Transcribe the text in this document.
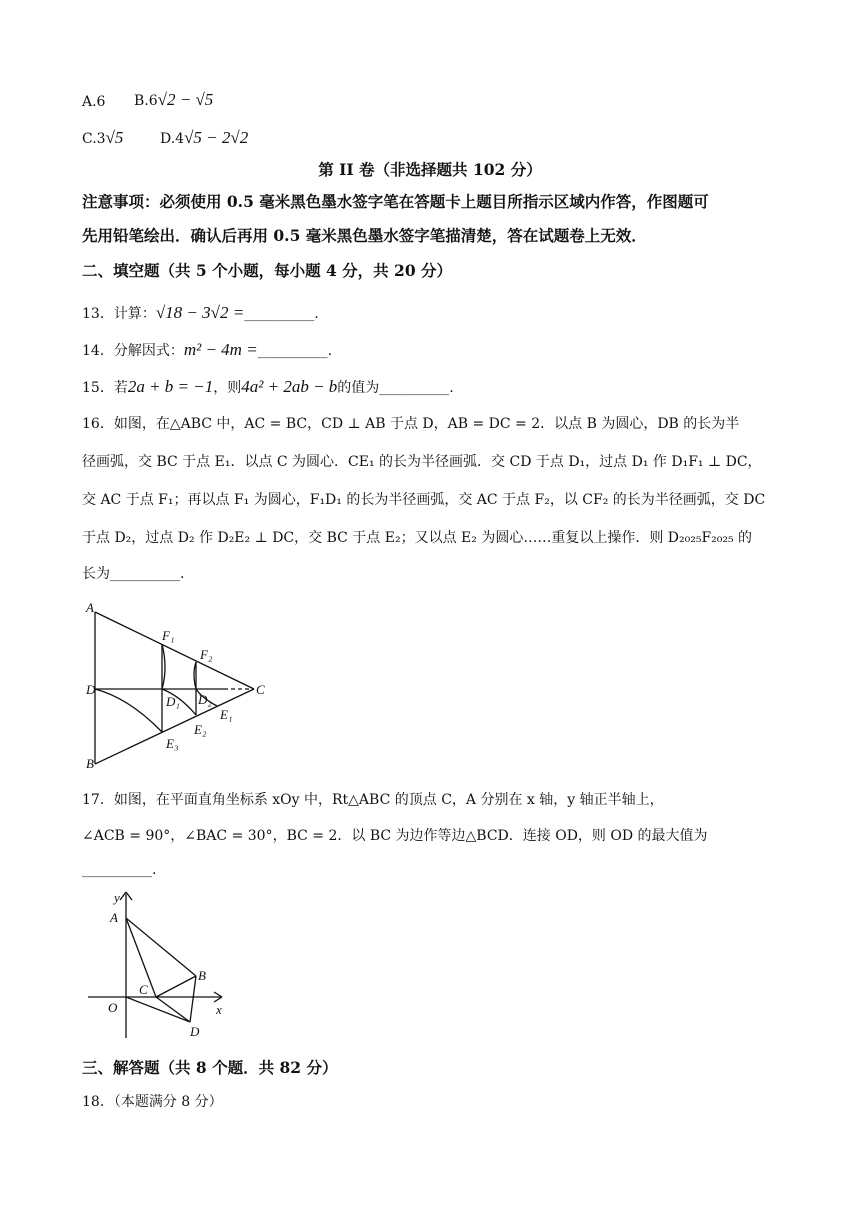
A.6 B.6√2 − √5
C.3√5	D.4√5 − 2√2
第 II 卷（非选择题共 102 分）
注意事项：必须使用 0.5 毫米黑色墨水签字笔在答题卡上题目所指示区域内作答，作图题可
先用铅笔绘出．确认后再用 0.5 毫米黑色墨水签字笔描清楚，答在试题卷上无效．
二、填空题（共 5 个小题，每小题 4 分，共 20 分）
13．计算：√18 − 3√2 =__________.
14．分解因式：m² − 4m =__________.
15．若2a + b = −1，则4a² + 2ab − b的值为__________.
16．如图，在△ABC 中，AC = BC，CD ⊥ AB 于点 D，AB = DC = 2．以点 B 为圆心，DB 的长为半
径画弧，交 BC 于点 E₁．以点 C 为圆心．CE₁ 的长为半径画弧．交 CD 于点 D₁，过点 D₁ 作 D₁F₁ ⊥ DC，
交 AC 于点 F₁；再以点 F₁ 为圆心，F₁D₁ 的长为半径画弧，交 AC 于点 F₂，以 CF₂ 的长为半径画弧，交 DC
于点 D₂，过点 D₂ 作 D₂E₂ ⊥ DC，交 BC 于点 E₂；又以点 E₂ 为圆心……重复以上操作．则 D₂₀₂₅F₂₀₂₅ 的
长为__________.
A
B
C
D
F₁
F₂
D₁ D₂
E₁
E₂
E₃
17．如图，在平面直角坐标系 xOy 中，Rt△ABC 的顶点 C，A 分别在 x 轴，y 轴正半轴上，
∠ACB = 90°，∠BAC = 30°，BC = 2．以 BC 为边作等边△BCD．连接 OD，则 OD 的最大值为
__________.
y
x
O
A
B
C
D
三、解答题（共 8 个题．共 82 分）
18．（本题满分 8 分）
